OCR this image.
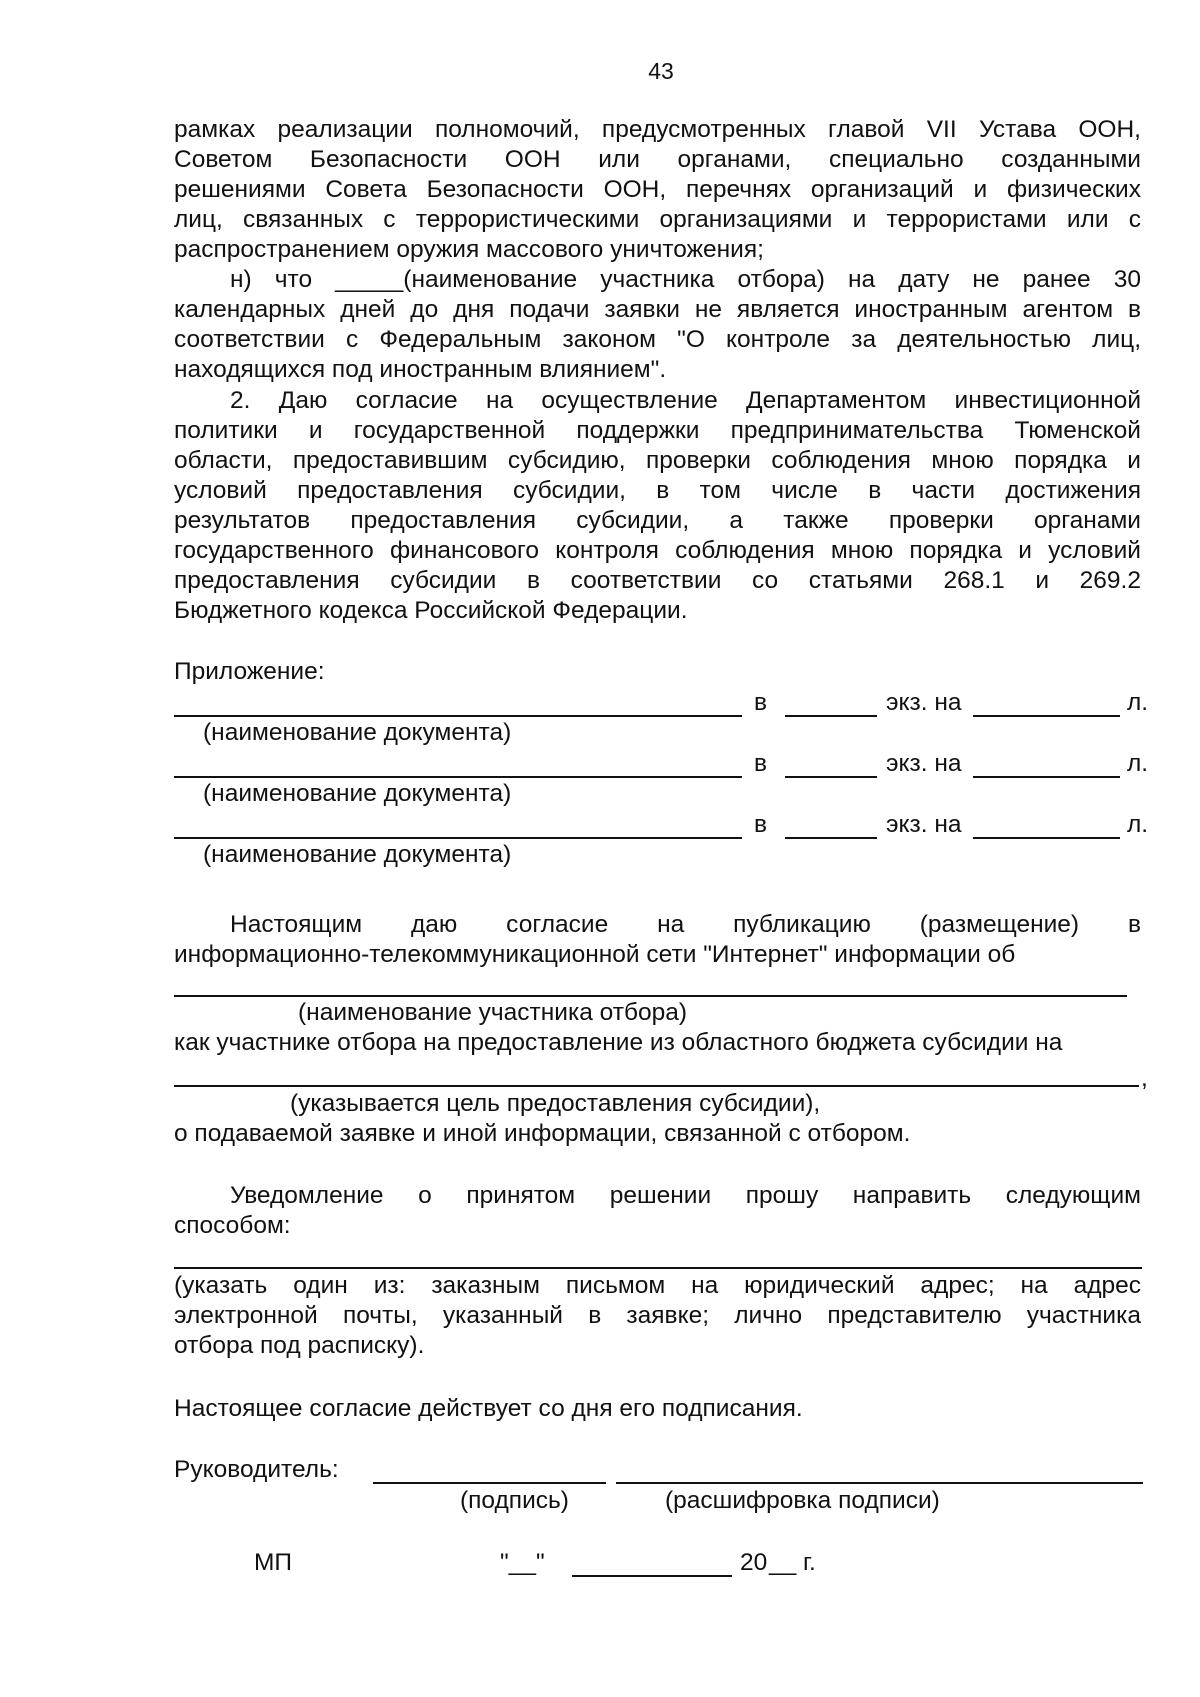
43
рамках реализации полномочий, предусмотренных главой VII Устава ООН,
Советом Безопасности ООН или органами, специально созданными
решениями Совета Безопасности ООН, перечнях организаций и физических
лиц, связанных с террористическими организациями и террористами или с
распространением оружия массового уничтожения;
н) что _____(наименование участника отбора) на дату не ранее 30
календарных дней до дня подачи заявки не является иностранным агентом в
соответствии с Федеральным законом "О контроле за деятельностью лиц,
находящихся под иностранным влиянием".
2. Даю согласие на осуществление Департаментом инвестиционной
политики и государственной поддержки предпринимательства Тюменской
области, предоставившим субсидию, проверки соблюдения мною порядка и
условий предоставления субсидии, в том числе в части достижения
результатов предоставления субсидии, а также проверки органами
государственного финансового контроля соблюдения мною порядка и условий
предоставления субсидии в соответствии со статьями 268.1 и 269.2
Бюджетного кодекса Российской Федерации.
Приложение:
в	экз. на	л.
(наименование документа)
в	экз. на	л.
(наименование документа)
в	экз. на	л.
(наименование документа)
Настоящим даю согласие на публикацию (размещение) в
информационно-телекоммуникационной сети "Интернет" информации об
(наименование участника отбора)
как участнике отбора на предоставление из областного бюджета субсидии на
,
(указывается цель предоставления субсидии),
о подаваемой заявке и иной информации, связанной с отбором.
Уведомление о принятом решении прошу направить следующим
способом:
(указать один из: заказным письмом на юридический адрес; на адрес
электронной почты, указанный в заявке; лично представителю участника
отбора под расписку).
Настоящее согласие действует со дня его подписания.
Руководитель:
(подпись)	(расшифровка подписи)
МП	"__"	20 __ г.
